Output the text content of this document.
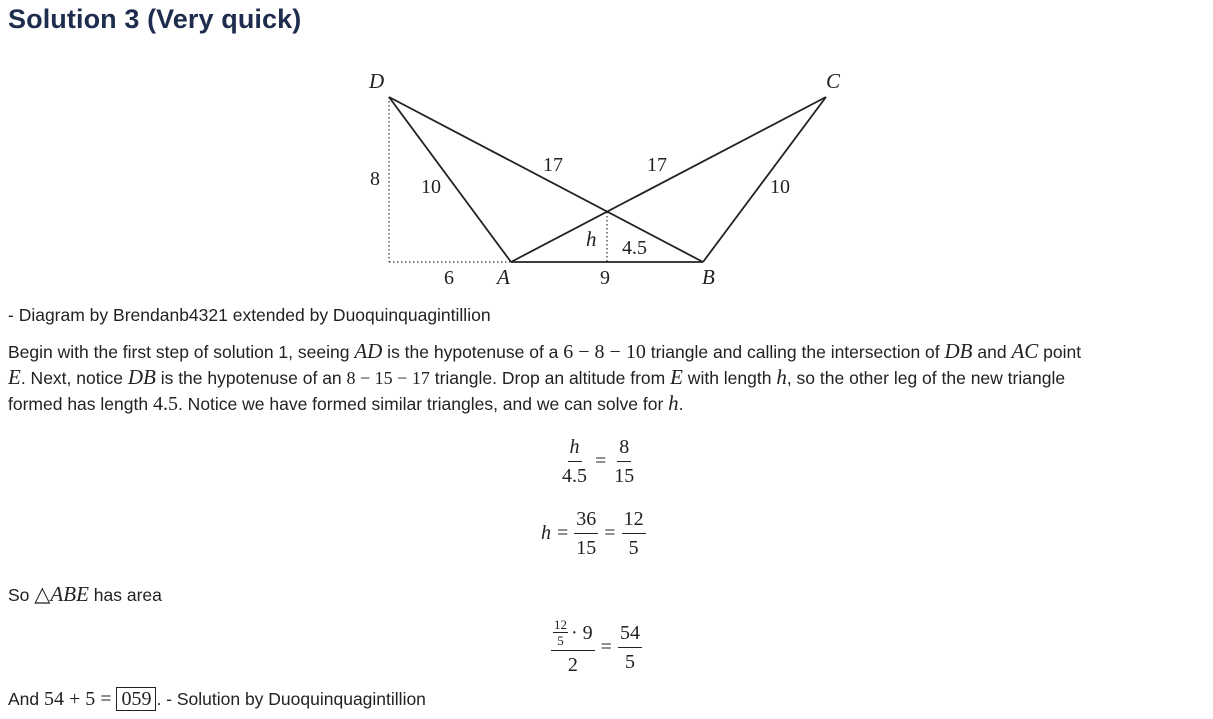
Solution 3 (Very quick)
D	C
A	B
8 10
17	17
10
h 4.5
6	9
- Diagram by Brendanb4321 extended by Duoquinquagintillion
Begin with the first step of solution 1, seeing AD is the hypotenuse of a 6 − 8 − 10 triangle and calling the intersection of DB and AC point
E. Next, notice DB is the hypotenuse of an 8 − 15 − 17 triangle. Drop an altitude from E with length h, so the other leg of the new triangle
formed has length 4.5. Notice we have formed similar triangles, and we can solve for h.
$\frac{h}{4.5} = \frac{8}{15}$
$h = \frac{36}{15} = \frac{12}{5}$
So △ABE has area
12
5 · 9
$2 = \frac{54}{5}$
And 54 + 5 = 059 . - Solution by Duoquinquagintillion
